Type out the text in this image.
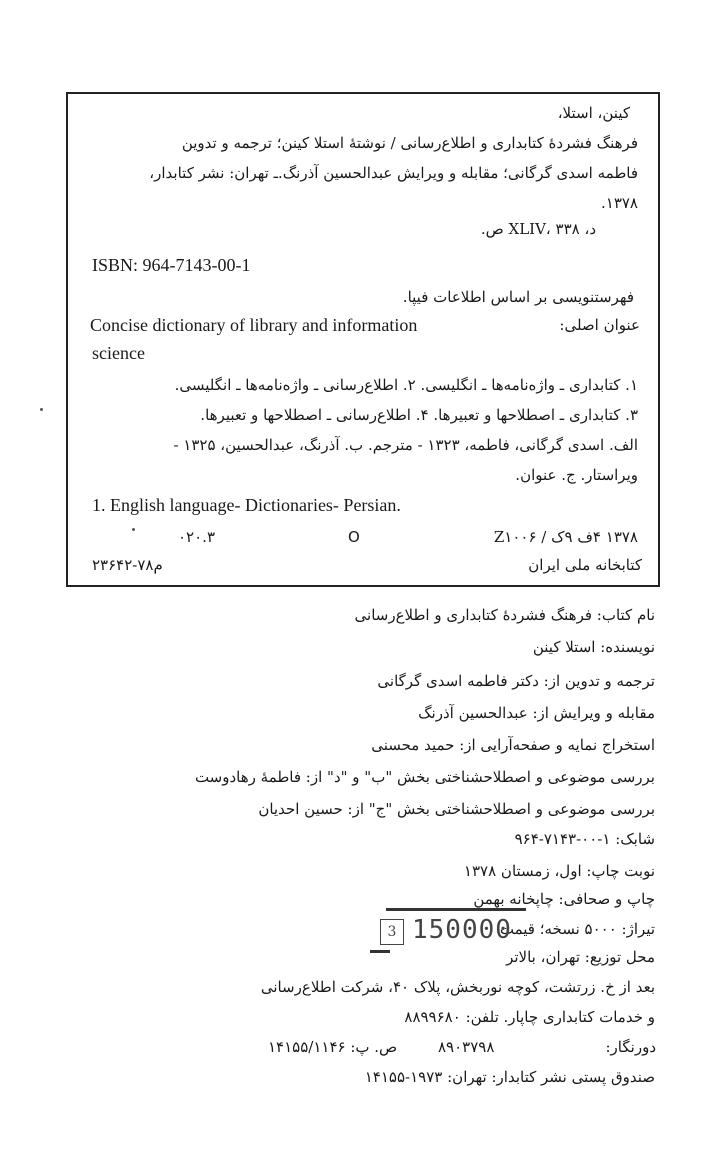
کینن، استلا،
فرهنگ فشردهٔ کتابداری و اطلاع‌رسانی / نوشتهٔ استلا کینن؛ ترجمه و تدوین
فاطمه اسدی گرگانی؛ مقابله و ویرایش عبدالحسین آذرنگ.ـ تهران: نشر کتابدار،
۱۳۷۸.
د، XLIV، ۳۳۸ ص.
ISBN: 964-7143-00-1
فهرستنویسی بر اساس اطلاعات فیپا.
Concise dictionary of library and information	عنوان اصلی:
science
۱. کتابداری ـ واژه‌نامه‌ها ـ انگلیسی. ۲. اطلاع‌رسانی ـ واژه‌نامه‌ها ـ انگلیسی.
۳. کتابداری ـ اصطلاحها و تعبیرها. ۴. اطلاع‌رسانی ـ اصطلاحها و تعبیرها.
الف. اسدی گرگانی، فاطمه، ۱۳۲۳ - مترجم. ب. آذرنگ، عبدالحسین، ۱۳۲۵ -
ویراستار. ج. عنوان.
1. English language- Dictionaries- Persian.
۰۲۰.۳	O	۱۳۷۸ ۴ف ۹ک / Z۱۰۰۶
م۷۸-۲۳۶۴۲	کتابخانه ملی ایران
نام کتاب: فرهنگ فشردهٔ کتابداری و اطلاع‌رسانی
نویسنده: استلا کینن
ترجمه و تدوین از: دکتر فاطمه اسدی گرگانی
مقابله و ویرایش از: عبدالحسین آذرنگ
استخراج نمایه و صفحه‌آرایی از: حمید محسنی
بررسی موضوعی و اصطلاحشناختی بخش "ب" و "د" از: فاطمهٔ رهادوست
بررسی موضوعی و اصطلاحشناختی بخش "ج" از: حسین احدیان
شابک: ۱-۰۰-۷۱۴۳-۹۶۴
نوبت چاپ: اول، زمستان ۱۳۷۸
چاپ و صحافی: چاپخانه بهمن
تیراژ: ۵۰۰۰ نسخه؛ قیمت
محل توزیع: تهران، بالاتر
بعد از خ. زرتشت، کوچه نوربخش، پلاک ۴۰، شرکت اطلاع‌رسانی
و خدمات کتابداری چاپار. تلفن: ۸۸۹۹۶۸۰
ص. پ: ۱۴۱۵۵/۱۱۴۶	۸۹۰۳۷۹۸	دورنگار:
صندوق پستی نشر کتابدار: تهران: ۱۹۷۳-۱۴۱۵۵
3 150000
